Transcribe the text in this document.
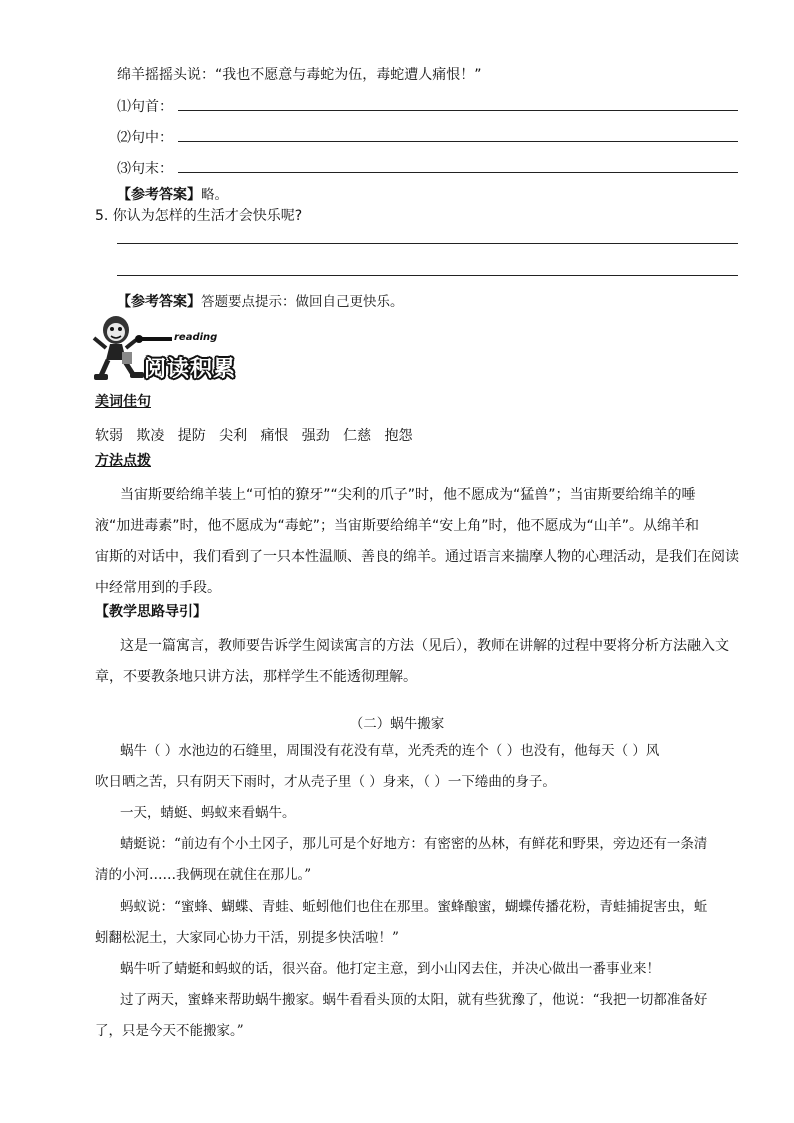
绵羊摇摇头说：“我也不愿意与毒蛇为伍，毒蛇遭人痛恨！”
⑴句首：
⑵句中：
⑶句末：
【参考答案】略。
5. 你认为怎样的生活才会快乐呢?
【参考答案】答题要点提示：做回自己更快乐。
reading
阅读积累
美词佳句
软弱 欺凌 提防 尖利 痛恨 强劲 仁慈 抱怨
方法点拨
当宙斯要给绵羊装上“可怕的獠牙”“尖利的爪子”时，他不愿成为“猛兽”；当宙斯要给绵羊的唾
液“加进毒素”时，他不愿成为“毒蛇”；当宙斯要给绵羊“安上角”时，他不愿成为“山羊”。从绵羊和
宙斯的对话中，我们看到了一只本性温顺、善良的绵羊。通过语言来揣摩人物的心理活动，是我们在阅读
中经常用到的手段。
【教学思路导引】
这是一篇寓言，教师要告诉学生阅读寓言的方法（见后），教师在讲解的过程中要将分析方法融入文
章，不要教条地只讲方法，那样学生不能透彻理解。
（二）蜗牛搬家
蜗牛（ ）水池边的石缝里，周围没有花没有草，光秃秃的连个（ ）也没有，他每天（ ）风
吹日晒之苦，只有阴天下雨时，才从壳子里（ ）身来，（ ）一下绻曲的身子。
一天，蜻蜓、蚂蚁来看蜗牛。
蜻蜓说：“前边有个小土冈子，那儿可是个好地方：有密密的丛林，有鲜花和野果，旁边还有一条清
清的小河……我俩现在就住在那儿。”
蚂蚁说：“蜜蜂、蝴蝶、青蛙、蚯蚓他们也住在那里。蜜蜂酿蜜，蝴蝶传播花粉，青蛙捕捉害虫，蚯
蚓翻松泥土，大家同心协力干活，别提多快活啦！”
蜗牛听了蜻蜓和蚂蚁的话，很兴奋。他打定主意，到小山冈去住，并决心做出一番事业来！
过了两天，蜜蜂来帮助蜗牛搬家。蜗牛看看头顶的太阳，就有些犹豫了，他说：“我把一切都准备好
了，只是今天不能搬家。”
